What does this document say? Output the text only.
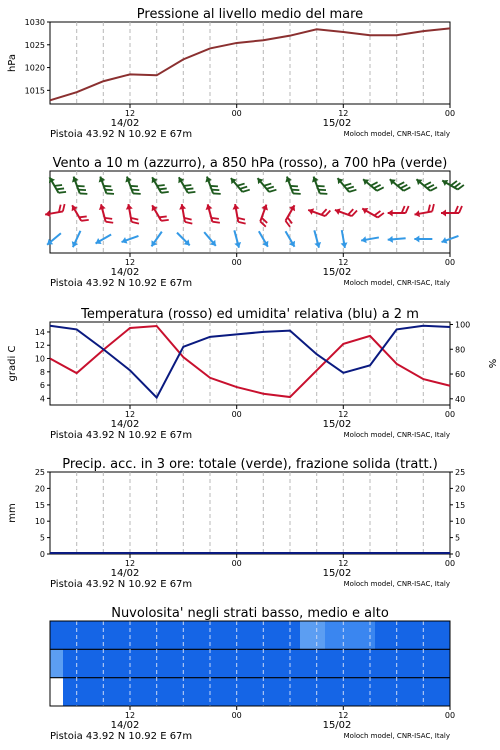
Pressione al livello medio del mare
12	00	12	00
14/02	15/02
Pistoia 43.92 N 10.92 E 67m	Moloch model, CNR-ISAC, Italy
1015
1020
1025
1030
hPa
Vento a 10 m (azzurro), a 850 hPa (rosso), a 700 hPa (verde)
12	00	12	00
14/02	15/02
Pistoia 43.92 N 10.92 E 67m	Moloch model, CNR-ISAC, Italy
Temperatura (rosso) ed umidita' relativa (blu) a 2 m
12	00	12	00
14/02	15/02
Pistoia 43.92 N 10.92 E 67m	Moloch model, CNR-ISAC, Italy
4
6
8
10
12
14
40
60
80
100
gradi C	%
Precip. acc. in 3 ore: totale (verde), frazione solida (tratt.)
12	00	12	00
14/02	15/02
Pistoia 43.92 N 10.92 E 67m	Moloch model, CNR-ISAC, Italy
0	0
5	5
10	10
15	15
20	20
25	25
mm
Nuvolosita' negli strati basso, medio e alto
12	00	12	00
14/02	15/02
Pistoia 43.92 N 10.92 E 67m	Moloch model, CNR-ISAC, Italy
